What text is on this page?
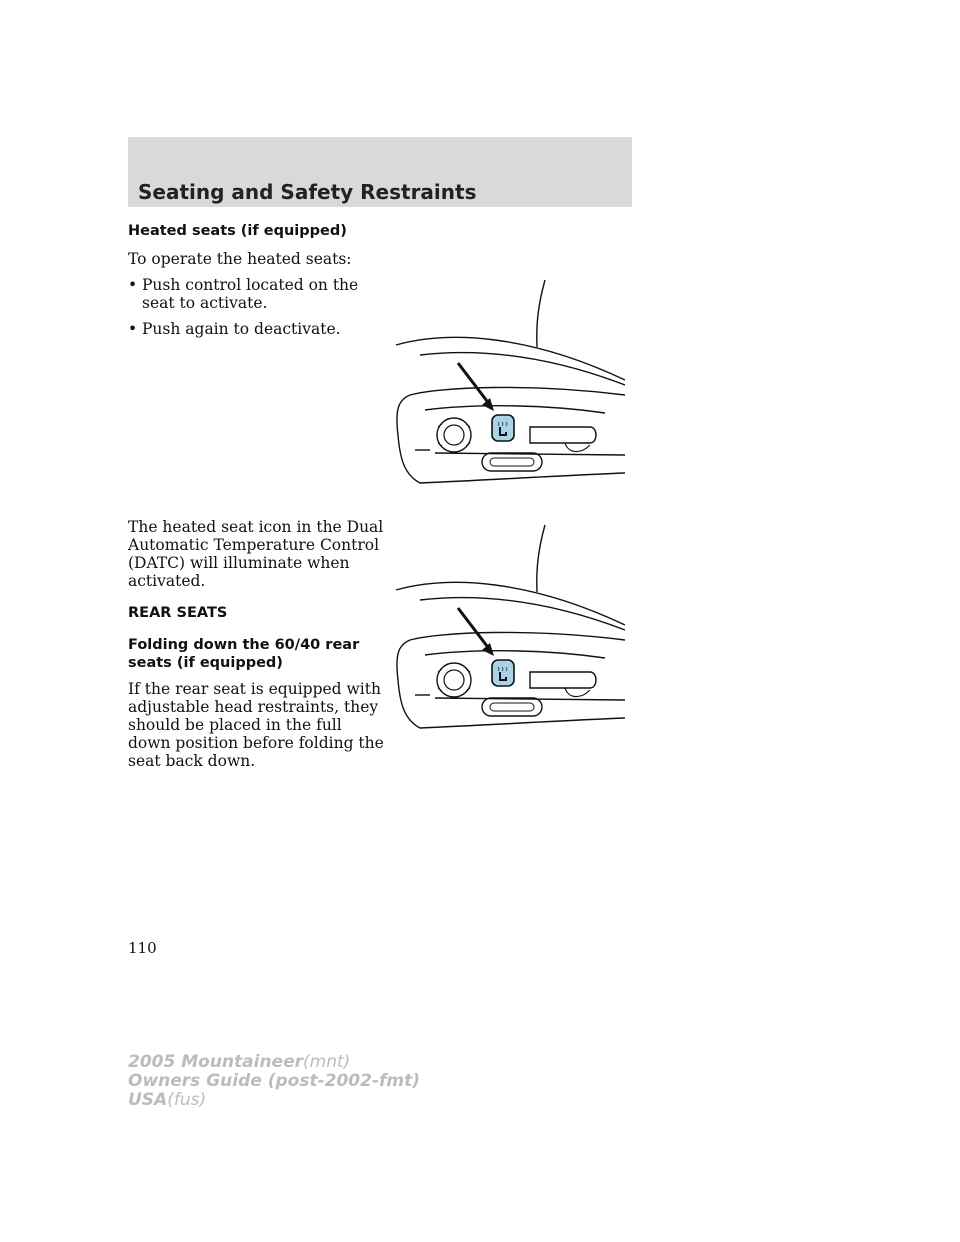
Seating and Safety Restraints
Heated seats (if equipped)

To operate the heated seats:

• Push control located on the seat to activate.
• Push again to deactivate.

The heated seat icon in the Dual Automatic Temperature Control (DATC) will illuminate when activated.

REAR SEATS
Folding down the 60/40 rear seats (if equipped)

If the rear seat is equipped with adjustable head restraints, they should be placed in the full down position before folding the seat back down.

110
2005 Mountaineer(mnt)
Owners Guide (post-2002-fmt)
USA(fus)
